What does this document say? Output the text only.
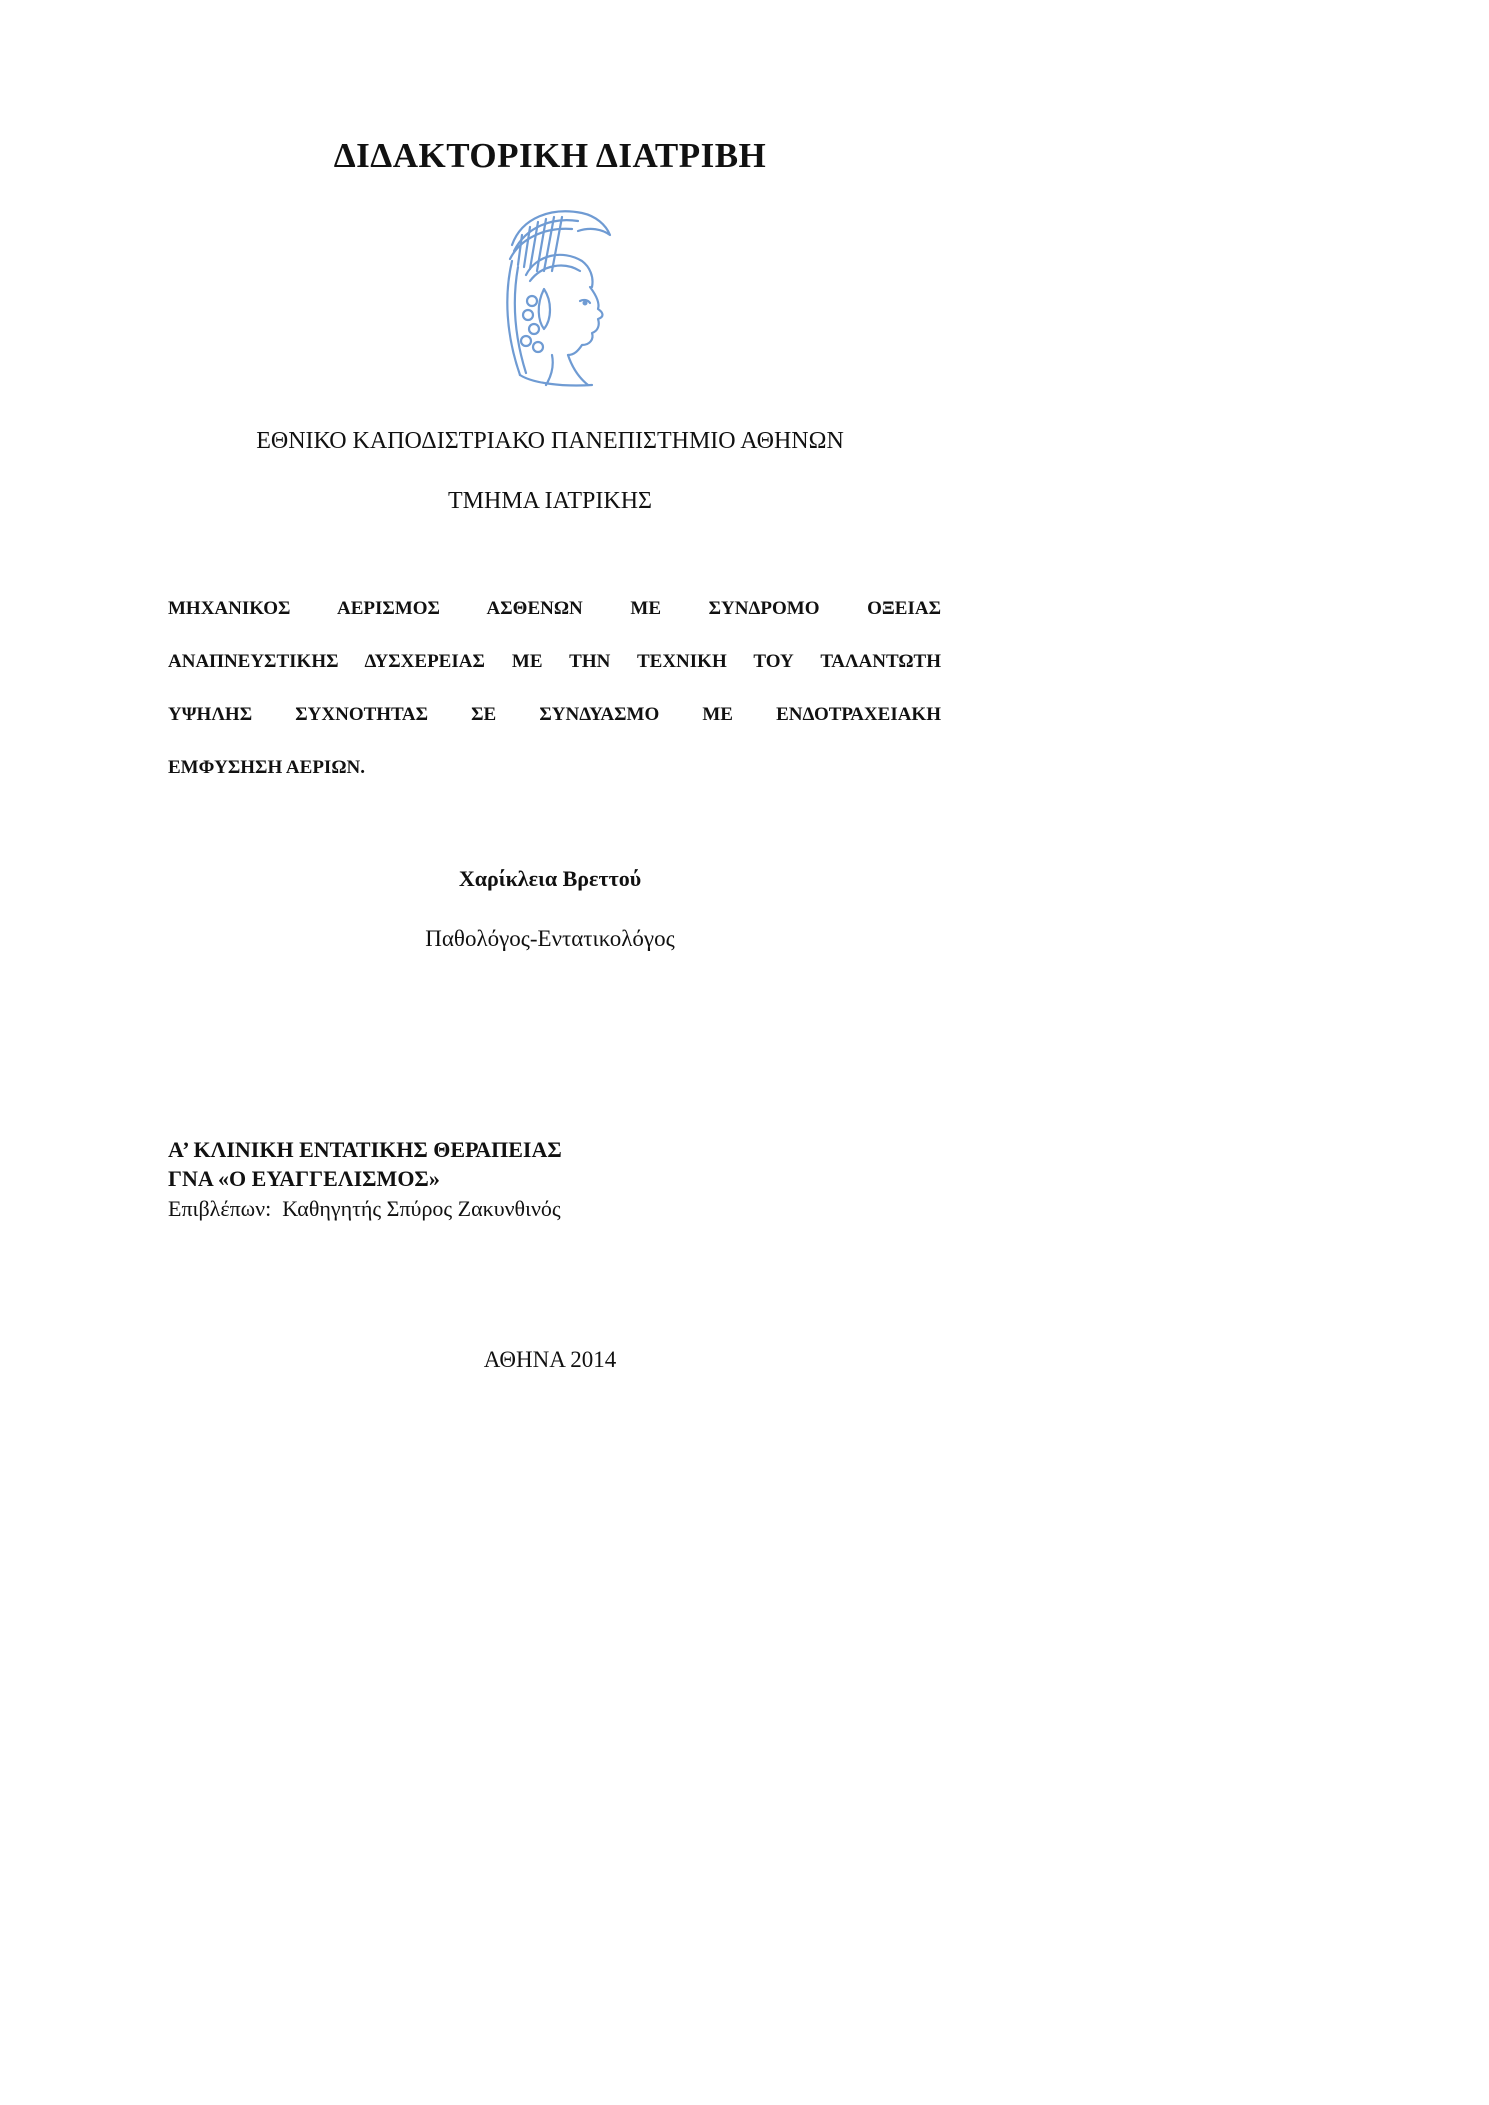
ΔΙΔΑΚΤΟΡΙΚΗ ΔΙΑΤΡΙΒΗ
ΕΘΝΙΚΟ ΚΑΠΟΔΙΣΤΡΙΑΚΟ ΠΑΝΕΠΙΣΤΗΜΙΟ ΑΘΗΝΩΝ
ΤΜΗΜΑ ΙΑΤΡΙΚΗΣ
ΜΗΧΑΝΙΚΟΣ ΑΕΡΙΣΜΟΣ ΑΣΘΕΝΩΝ ΜΕ ΣΥΝΔΡΟΜΟ ΟΞΕΙΑΣ
ΑΝΑΠΝΕΥΣΤΙΚΗΣ ΔΥΣΧΕΡΕΙΑΣ ΜΕ ΤΗΝ ΤΕΧΝΙΚΗ ΤΟΥ ΤΑΛΑΝΤΩΤΗ
ΥΨΗΛΗΣ ΣΥΧΝΟΤΗΤΑΣ ΣΕ ΣΥΝΔΥΑΣΜΟ ΜΕ ΕΝΔΟΤΡΑΧΕΙΑΚΗ
ΕΜΦΥΣΗΣΗ ΑΕΡΙΩΝ.
Χαρίκλεια Βρεττού
Παθολόγος-Εντατικολόγος
Α’ ΚΛΙΝΙΚΗ ΕΝΤΑΤΙΚΗΣ ΘΕΡΑΠΕΙΑΣ
ΓΝΑ «Ο ΕΥΑΓΓΕΛΙΣΜΟΣ»
Επιβλέπων: Καθηγητής Σπύρος Ζακυνθινός
ΑΘΗΝΑ 2014
